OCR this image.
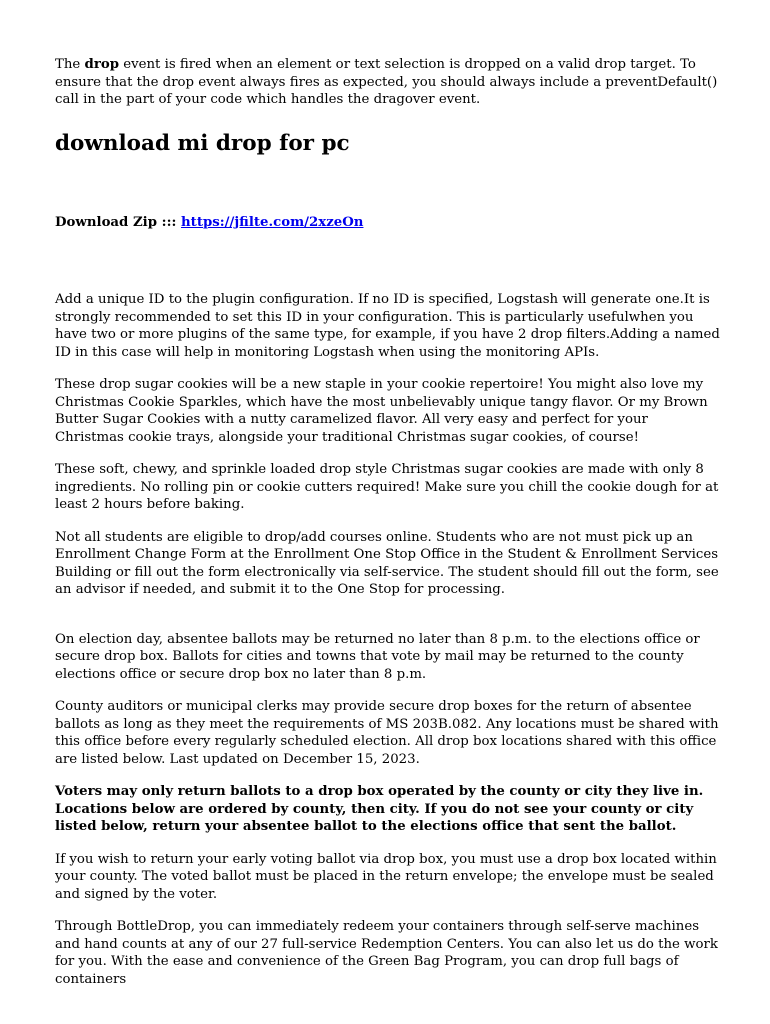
The drop event is fired when an element or text selection is dropped on a valid drop target. To ensure that the drop event always fires as expected, you should always include a preventDefault() call in the part of your code which handles the dragover event.

download mi drop for pc
Download Zip ::: https://jfilte.com/2xzeOn

Add a unique ID to the plugin configuration. If no ID is specified, Logstash will generate one.It is strongly recommended to set this ID in your configuration. This is particularly usefulwhen you have two or more plugins of the same type, for example, if you have 2 drop filters.Adding a named ID in this case will help in monitoring Logstash when using the monitoring APIs.

These drop sugar cookies will be a new staple in your cookie repertoire! You might also love my Christmas Cookie Sparkles, which have the most unbelievably unique tangy flavor. Or my Brown Butter Sugar Cookies with a nutty caramelized flavor. All very easy and perfect for your Christmas cookie trays, alongside your traditional Christmas sugar cookies, of course!

These soft, chewy, and sprinkle loaded drop style Christmas sugar cookies are made with only 8 ingredients. No rolling pin or cookie cutters required! Make sure you chill the cookie dough for at least 2 hours before baking.

Not all students are eligible to drop/add courses online. Students who are not must pick up an Enrollment Change Form at the Enrollment One Stop Office in the Student & Enrollment Services Building or fill out the form electronically via self-service. The student should fill out the form, see an advisor if needed, and submit it to the One Stop for processing.

On election day, absentee ballots may be returned no later than 8 p.m. to the elections office or secure drop box. Ballots for cities and towns that vote by mail may be returned to the county elections office or secure drop box no later than 8 p.m.

County auditors or municipal clerks may provide secure drop boxes for the return of absentee ballots as long as they meet the requirements of MS 203B.082. Any locations must be shared with this office before every regularly scheduled election. All drop box locations shared with this office are listed below. Last updated on December 15, 2023.

Voters may only return ballots to a drop box operated by the county or city they live in. Locations below are ordered by county, then city. If you do not see your county or city listed below, return your absentee ballot to the elections office that sent the ballot.

If you wish to return your early voting ballot via drop box, you must use a drop box located within your county. The voted ballot must be placed in the return envelope; the envelope must be sealed and signed by the voter.

Through BottleDrop, you can immediately redeem your containers through self-serve machines and hand counts at any of our 27 full-service Redemption Centers. You can also let us do the work for you. With the ease and convenience of the Green Bag Program, you can drop full bags of containers
